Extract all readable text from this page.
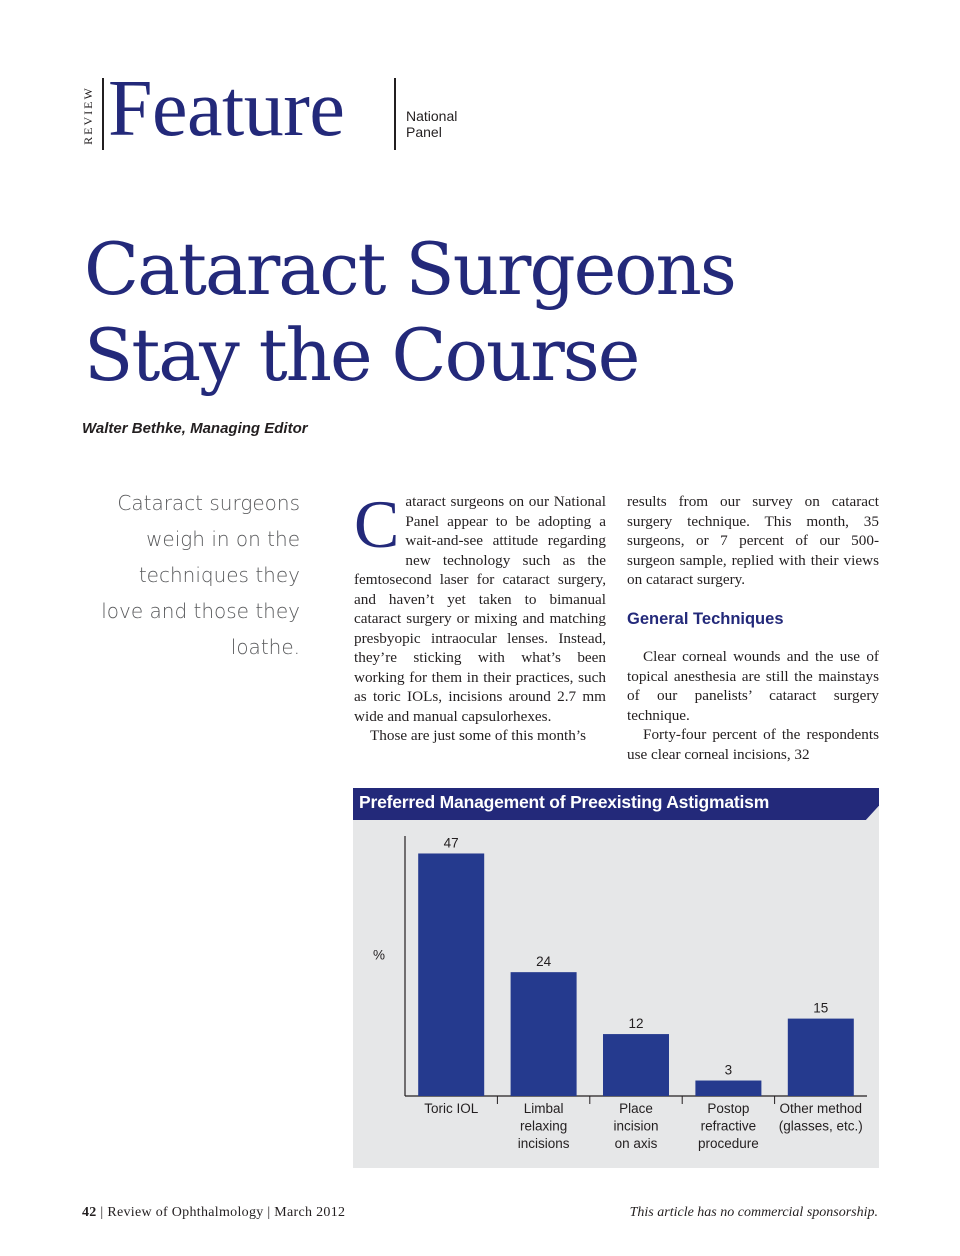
REVIEW Feature	National Panel
Cataract Surgeons
Stay the Course
Walter Bethke, Managing Editor
Cataract surgeons weigh in on the techniques they love and those they loathe.

Cataract surgeons on our National Panel appear to be adopting a wait-and-see attitude regarding new technology such as the femtosecond laser for cataract surgery, and haven’t yet taken to bimanual cataract surgery or mixing and matching presbyopic intraocular lenses. Instead, they’re sticking with what’s been working for them in their practices, such as toric IOLs, incisions around 2.7 mm wide and manual capsulorhexes.

Those are just some of this month’s

results from our survey on cataract surgery technique. This month, 35 surgeons, or 7 percent of our 500-surgeon sample, replied with their views on cataract surgery.

General Techniques

Clear corneal wounds and the use of topical anesthesia are still the mainstays of our panelists’ cataract surgery technique.

Forty-four percent of the respondents use clear corneal incisions, 32

Preferred Management of Preexisting Astigmatism
%
47
Toric IOL
24
Limbal relaxing incisions
12
Place incision on axis
3
Postop refractive procedure
15
Other method (glasses, etc.)
42 | Review of Ophthalmology | March 2012	This article has no commercial sponsorship.
